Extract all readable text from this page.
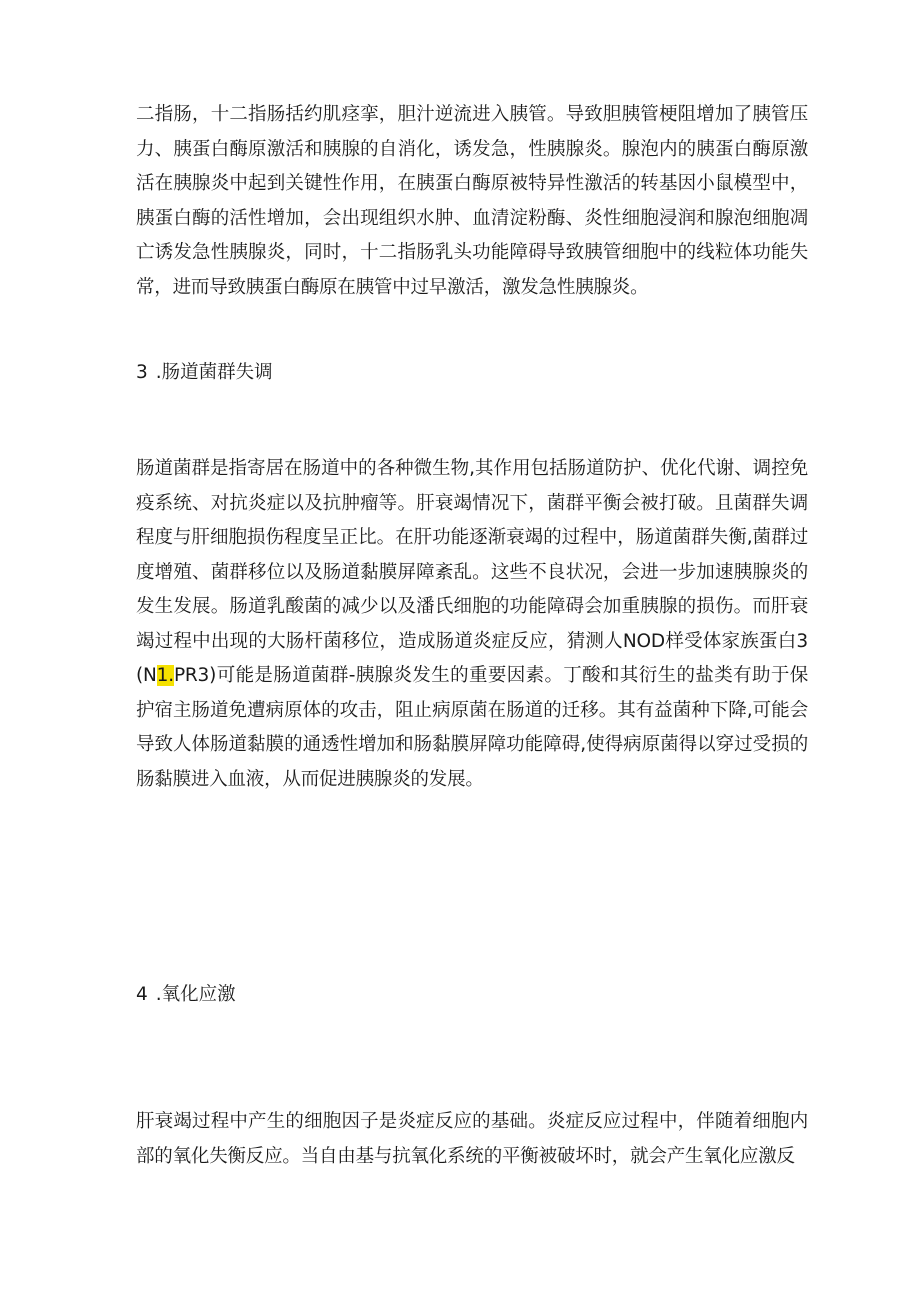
二指肠，十二指肠括约肌痉挛，胆汁逆流进入胰管。导致胆胰管梗阻增加了胰管压力、胰蛋白酶原激活和胰腺的自消化，诱发急，性胰腺炎。腺泡内的胰蛋白酶原激活在胰腺炎中起到关键性作用，在胰蛋白酶原被特异性激活的转基因小鼠模型中，胰蛋白酶的活性增加，会出现组织水肿、血清淀粉酶、炎性细胞浸润和腺泡细胞凋亡诱发急性胰腺炎，同时，十二指肠乳头功能障碍导致胰管细胞中的线粒体功能失常，进而导致胰蛋白酶原在胰管中过早激活，激发急性胰腺炎。

3 .肠道菌群失调

肠道菌群是指寄居在肠道中的各种微生物,其作用包括肠道防护、优化代谢、调控免疫系统、对抗炎症以及抗肿瘤等。肝衰竭情况下，菌群平衡会被打破。且菌群失调程度与肝细胞损伤程度呈正比。在肝功能逐渐衰竭的过程中，肠道菌群失衡,菌群过度增殖、菌群移位以及肠道黏膜屏障紊乱。这些不良状况，会进一步加速胰腺炎的发生发展。肠道乳酸菌的减少以及潘氏细胞的功能障碍会加重胰腺的损伤。而肝衰竭过程中出现的大肠杆菌移位，造成肠道炎症反应，猜测人NOD样受体家族蛋白3(N1.PR3)可能是肠道菌群-胰腺炎发生的重要因素。丁酸和其衍生的盐类有助于保护宿主肠道免遭病原体的攻击，阻止病原菌在肠道的迁移。其有益菌种下降,可能会导致人体肠道黏膜的通透性增加和肠黏膜屏障功能障碍,使得病原菌得以穿过受损的肠黏膜进入血液，从而促进胰腺炎的发展。

4 .氧化应激

肝衰竭过程中产生的细胞因子是炎症反应的基础。炎症反应过程中，伴随着细胞内部的氧化失衡反应。当自由基与抗氧化系统的平衡被破坏时，就会产生氧化应激反
